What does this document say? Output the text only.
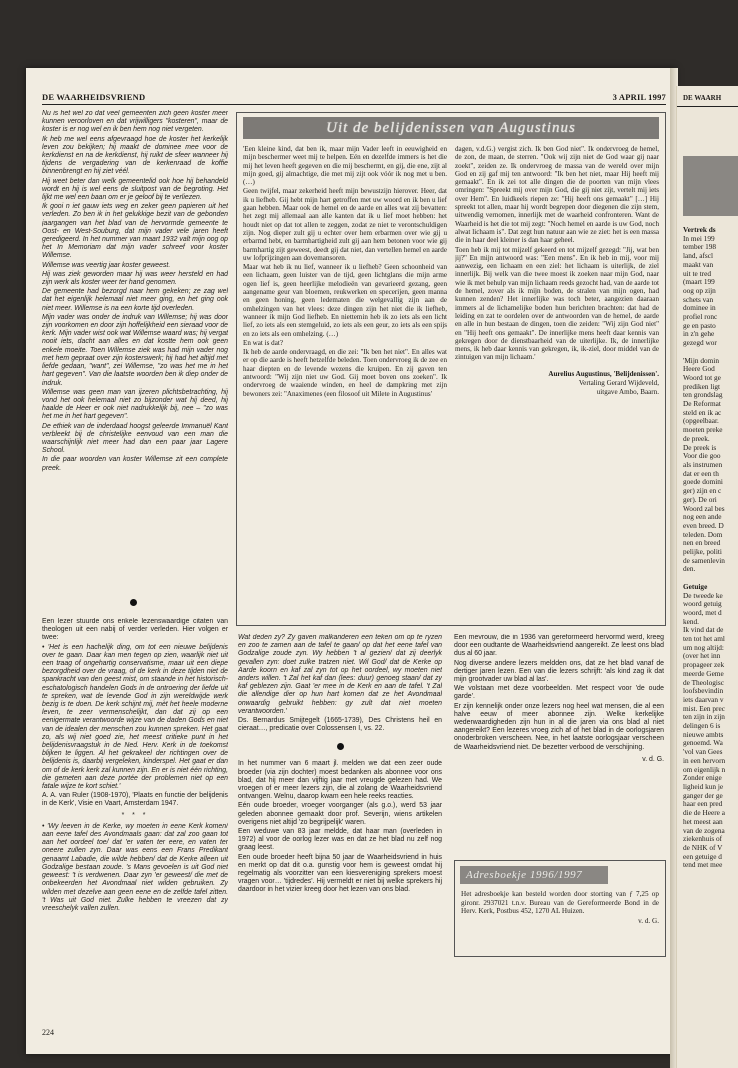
DE WAARHEIDSVRIEND	3 APRIL 1997

Nu is het wel zo dat veel gemeenten zich geen koster meer kunnen veroorloven en dat vrijwilligers "kosteren", maar de koster is er nog wel en ik ben hem nog niet vergeten.

Ik heb me wel eens afgevraagd hoe de koster het kerkelijk leven zou bekijken; hij maakt de dominee mee voor de kerkdienst en na de kerkdienst, hij ruikt de sfeer wanneer hij tijdens de vergadering van de kerkenraad de koffie binnenbrengt en hij ziet véél.

Hij weet beter dan welk gemeentelid ook hoe hij behandeld wordt en hij is wel eens de sluitpost van de begroting. Het lijkt me wel een baan om er je geloof bij te verliezen.

Ik gooi n iet gauw iets weg en zeker geen papieren uit het verleden. Zo ben ik in het gelukkige bezit van de gebonden jaargangen van het blad van de hervormde gemeente te Oost- en West-Souburg, dat mijn vader vele jaren heeft geredigeerd. In het nummer van maart 1932 valt mijn oog op het In Memoriam dat mijn vader schreef voor koster Willemse.

Willemse was veertig jaar koster geweest.

Hij was ziek geworden maar hij was weer hersteld en had zijn werk als koster weer ter hand genomen.

De gemeente had bezorgd naar hem gekeken; ze zag wel dat het eigenlijk helemaal niet meer ging, en het ging ook niet meer. Willemse is na een korte tijd overleden.

Mijn vader was onder de indruk van Willemse; hij was door zijn voorkomen en door zijn hoffelijkheid een sieraad voor de kerk. Mijn vader wist ook wat Willemse waard was; hij vergat nooit iets, dacht aan alles en dat kostte hem ook geen enkele moeite. Toen Willemse ziek was had mijn vader nog met hem gepraat over zijn kosterswerk; hij had het altijd met liefde gedaan, "want", zei Willemse, "zo was het me in het hart gegeven". Van die laatste woorden ben ik diep onder de indruk.

Willemse was geen man van ijzeren plichtsbetrachting, hij vond het ook helemaal niet zo bijzonder wat hij deed, hij haalde de Heer er ook niet nadrukkelijk bij, nee – "zo was het me in het hart gegeven".

De ethiek van de inderdaad hoogst geleerde Immanuël Kant verbleekt bij de christelijke eenvoud van een man die waarschijnlijk niet meer had dan een paar jaar Lagere School.

In die paar woorden van koster Willemse zit een complete preek.

Uit de belijdenissen van Augustinus

'Een kleine kind, dat ben ik, maar mijn Vader leeft in eeuwigheid en mijn beschermer weet mij te helpen. Eén en dezelfde immers is het die mij het leven heeft gegeven en die mij beschermt, en gij, die ene, zijt al mijn goed, gij almachtige, die met mij zijt ook vóór ik nog met u ben. (…)

Geen twijfel, maar zekerheid heeft mijn bewustzijn hierover. Heer, dat ik u liefheb. Gij hebt mijn hart getroffen met uw woord en ik ben u lief gaan hebben. Maar ook de hemel en de aarde en alles wat zij bevatten: het zegt mij allemaal aan alle kanten dat ik u lief moet hebben: het houdt niet op dat tot allen te zeggen, zodat ze niet te verontschuldigen zijn. Nog dieper zult gij u echter over hem erbarmen over wie gij u erbarmd hebt, en barmhartigheid zult gij aan hem betonen voor wie gij barmhartig zijt geweest, deedt gij dat niet, dan vertellen hemel en aarde uw lofprijzingen aan dovemansoren.

Maar wat heb ik nu lief, wanneer ik u liefheb? Geen schoonheid van een lichaam, geen luister van de tijd, geen lichtglans die mijn arme ogen lief is, geen heerlijke melodieën van gevarieerd gezang, geen aangename geur van bloemen, reukwerken en specerijen, geen manna en geen honing, geen ledematen die welgevallig zijn aan de omhelzingen van het vlees: deze dingen zijn het niet die ik liefheb, wanneer ik mijn God liefheb. En niettemin heb ik zo iets als een licht lief, zo iets als een stemgeluid, zo iets als een geur, zo iets als een spijs en zo iets als een omhelzing. (…)

En wat is dat?

Ik heb de aarde ondervraagd, en die zei: "Ik ben het niet". En alles wat er op die aarde is heeft hetzelfde beleden. Toen ondervroeg ik de zee en haar diepten en de levende wezens die kruipen. En zij gaven ten antwoord: "Wij zijn niet uw God. Gij moet boven ons zoeken". Ik ondervroeg de waaiende winden, en heel de dampkring met zijn bewoners zei: "Anaximenes (een filosoof uit Milete in Augustinus'

dagen, v.d.G.) vergist zich. Ik ben God niet". Ik ondervroeg de hemel, de zon, de maan, de sterren. "Ook wij zijn niet de God waar gij naar zoekt", zeiden ze. Ik ondervroeg de massa van de wereld over mijn God en zij gaf mij ten antwoord: "Ik ben het niet, maar Hij heeft mij gemaakt". En ik zei tot alle dingen die de poorten van mijn vlees omringen: "Spreekt mij over mijn God, die gij niet zijt, vertelt mij iets over Hem". En luidkeels riepen ze: "Hij heeft ons gemaakt" […] Hij spreekt tot allen, maar hij wordt begrepen door diegenen die zijn stem, uitwendig vernomen, innerlijk met de waarheid confronteren. Want de Waarheid is het die tot mij zegt: "Noch hemel en aarde is uw God, noch alwat lichaam is". Dat zegt hun natuur aan wie ze ziet: het is een massa die in haar deel kleiner is dan haar geheel.

Toen heb ik mij tot mijzelf gekeerd en tot mijzelf gezegd: "Jij, wat ben jij?" En mijn antwoord was: "Een mens". En ik heb in mij, voor mij aanwezig, een lichaam en een ziel: het lichaam is uiterlijk, de ziel innerlijk. Bij welk van die twee moest ik zoeken naar mijn God, naar wie ik met behulp van mijn lichaam reeds gezocht had, van de aarde tot de hemel, zover als ik mijn boden, de stralen van mijn ogen, had kunnen zenden? Het innerlijke was toch beter, aangezien daaraan immers al de lichamelijke boden hun berichten brachten: dat had de leiding en zat te oordelen over de antwoorden van de hemel, de aarde en alle in hun bestaan de dingen, toen die zeiden: "Wij zijn God niet" en "Hij heeft ons gemaakt". De innerlijke mens heeft daar kennis van gekregen door de dienstbaarheid van de uiterlijke. Ik, de innerlijke mens, ik heb daar kennis van gekregen, ik, ik-ziel, door middel van de zintuigen van mijn lichaam.'

Aurelius Augustinus, 'Belijdenissen'.

Vertaling Gerard Wijdeveld,

uitgave Ambo, Baarn.

Een lezer stuurde ons enkele lezenswaardige citaten van theologen uit een nabij of verder verleden. Hier volgen er twee:

• 'Het is een hachelijk ding, om tot een nieuwe belijdenis over te gaan. Daar kan men tegen op zien, waarlijk niet uit een traag of ongehartig conservatisme, maar uit een diepe bezorgdheid over de vraag, of de kerk in deze tijden niet de spankracht van den geest mist, om staande in het historisch-eschatologisch handelen Gods in de ontroering der liefde uit te spreken, wat de levende God in zijn wereldwijde werk bezig is te doen. De kerk schijnt mij, mèt het heele moderne leven, te zeer vermenschelijkt, dan dat zij op een eenigermate verantwoorde wijze van de daden Gods en niet van de idealen der menschen zou kunnen spreken. Het gaat zo, als wij niet goed zie, het meest critieke punt in het belijdenisvraagstuk in de Ned. Herv. Kerk in de toekomst blijken te liggen. Al het gekrakeel der richtingen over de belijdenis is, daarbij vergeleken, kinderspel. Het gaat er dan om of de kerk kerk zal kunnen zijn. En er is niet één richting, die gemeten aan deze portée der problemen niet op een fatale wijze te kort schiet.'

A. A. van Ruler (1908-1970), 'Plaats en functie der belijdenis in de Kerk', Visie en Vaart, Amsterdam 1947.

* * *

• 'Wy leeven in de Kerke, wy moeten in eene Kerk komen/ aan eene tafel des Avondmaals gaan: dat zal zoo gaan tot aan het oordeel toe/ dat 'er vaten ter eere, en vaten ter oneere zullen zyn. Daar was eens een Frans Predikant genaamt Labadie, die wilde hebben/ dat de Kerke alleen uit Godzalige bestaan zoude. 's Mans gevoelen is uit God niet geweest: 't is verdwenen. Daar zyn 'er geweest/ die met de onbekeerden het Avondmaal niet wilden gebruiken. Zy wilden met dezelve aan geen eene en de zelfde tafel zitten. 't Was uit God niet. Zulke hebben te vreezen dat zy vreeschelyk vallen zullen.

Wat deden zy? Zy gaven malkanderen een teken om op te ryzen en zoo te zamen aan de tafel te gaan/ op dat het eene tafel van Godzalige zoude zyn. Wy hebben 't al gezien/ dat zij deerlyk gevallen zyn: doet zulke tratzen niet. Wil God/ dat de Kerke op Aarde koorn en kaf zal zyn tot op het oordeel, wy moeten niet anders willen. 't Zal het kaf dan (lees: duur) genoeg staan/ dat zy kaf geblezen zijn. Gaat 'er mee in de Kerk en aan de tafel. 't Zal die allendige dier op hun hart komen dat ze het Avondmaal onwaardig gebruikt hebben: gy zult dat niet moeten verantwoorden.'

Ds. Bernardus Smijtegelt (1665-1739), Des Christens heil en cieraat…, predicatie over Colossensen I, vs. 22.

In het nummer van 6 maart jl. melden we dat een zeer oude broeder (via zijn dochter) moest bedanken als abonnee voor ons blad, dat hij meer dan vijftig jaar met vreugde gelezen had. We vroegen of er meer lezers zijn, die al zolang de Waarheidsvriend ontvangen. Welnu, daarop kwam een hele reeks reacties.

Eén oude broeder, vroeger voorganger (als g.o.), werd 53 jaar geleden abonnee gemaakt door prof. Severijn, wiens artikelen overigens niet altijd 'zo begrijpelijk' waren.

Een weduwe van 83 jaar meldde, dat haar man (overleden in 1972) al voor de oorlog lezer was en dat ze het blad nu zelf nog graag leest.

Een oude broeder heeft bijna 50 jaar de Waarheidsvriend in huis en merkt op dat dit o.a. gunstig voor hem is geweest omdat hij regelmatig als voorzitter van een kiesvereniging sprekers moest vragen voor… 'tijdredes'. Hij vermeldt er niet bij welke sprekers hij daardoor in het vizier kreeg door het lezen van ons blad.

Een mevrouw, die in 1936 van gereformeerd hervormd werd, kreeg door een oudtante de Waarheidsvriend aangereikt. Ze leest ons blad dus al 60 jaar.

Nog diverse andere lezers meldden ons, dat ze het blad vanaf de dertiger jaren lezen. Een van die lezers schrijft: 'als kind zag ik dat mijn grootvader uw blad al las'.

We volstaan met deze voorbeelden. Met respect voor 'de oude garde'.

Er zijn kennelijk onder onze lezers nog heel wat mensen, die al een halve eeuw of meer abonnee zijn. Welke kerkelijke wederwaardigheden zijn hun in al die jaren via ons blad al niet aangereikt? Een lezeres vroeg zich af of het blad in de oorlogsjaren onoderbroken verscheen. Nee, in het laatste oorlogsjaar verscheen de Waarheidsvriend niet. De bezetter verbood de verschijning.

v. d. G.

Adresboekje 1996/1997

Het adresboekje kan besteld worden door storting van ƒ 7,25 op gironr. 2937021 t.n.v. Bureau van de Gereformeerde Bond in de Herv. Kerk, Postbus 452, 1270 AL Huizen.

v. d. G.

224
DE WAARH
Vertrek ds
In mei 199
tember 198
land, afscl
maakt van
uit te tred
(maart 199
oog op zijn
schets van
dominee in
profiel ronc
ge en pasto
in z'n gehe
gezegd wor

'Mijn domin
Heere God
Woord tot ge
prediken ligt
ten grondslag
De Reformat
steld en ik ac
(opgeelbaar.
moeten preke
de preek.
De preek is
Voor die goo
als instrumen
dat er een th
goede domini
ger) zijn en c
ger). De ori
Woord zal bes
nog een ande
even breed. D
teleden. Dom
nen en breed
pelijke, politi
de samenlevin
den.

Getuige
De tweede ke
woord getuig
woord, met d
kend.
Ik vind dat de
ten tot het aml
um nog altijd:
(over het inn
propageer zek
meerde Geme
de Theologisc
loofsbevindin
iets daarvan v
mist. Een prec
ten zijn in zijn
delingen 6 is
nieuwe ambts
genoemd. Wa
'vol van Gees
in een hervorn
om eigenlijk n
Zonder enige
ligheid kun je
ganger der ge
haar een pred
die de Heere a
het meest aan
van de zogena
ziekenhuis of
de NHK of V
een getuige d
tend met mee
